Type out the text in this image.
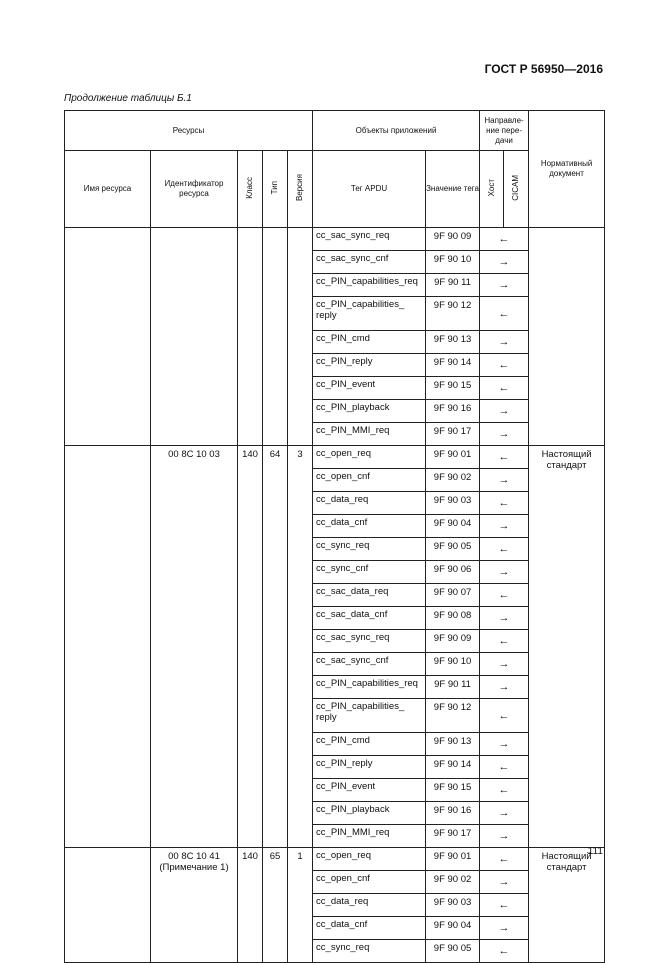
ГОСТ Р 56950—2016
Продолжение таблицы Б.1
Ресурсы					Объекты приложений		Направле-ние пере-дачи		Нормативный документ
Имя ресурса	Идентификатор ресурса	Класс	Тип	Версия	Тег APDU	Значение тега	Хост	CICAM	
					cc_sac_sync_req	9F 90 09	←		
					cc_sac_sync_cnf	9F 90 10	→		
					cc_PIN_capabilities_req	9F 90 11	→		
					cc_PIN_capabilities_ reply	9F 90 12	←		
					cc_PIN_cmd	9F 90 13	→		
					cc_PIN_reply	9F 90 14	←		
					cc_PIN_event	9F 90 15	←		
					cc_PIN_playback	9F 90 16	→		
					cc_PIN_MMI_req	9F 90 17	→		
	00 8C 10 03	140	64	3	cc_open_req	9F 90 01	←		Настоящий стандарт
					cc_open_cnf	9F 90 02	→		
					cc_data_req	9F 90 03	←		
					cc_data_cnf	9F 90 04	→		
					cc_sync_req	9F 90 05	←		
					cc_sync_cnf	9F 90 06	→		
					cc_sac_data_req	9F 90 07	←		
					cc_sac_data_cnf	9F 90 08	→		
					cc_sac_sync_req	9F 90 09	←		
					cc_sac_sync_cnf	9F 90 10	→		
					cc_PIN_capabilities_req	9F 90 11	→		
					cc_PIN_capabilities_ reply	9F 90 12	←		
					cc_PIN_cmd	9F 90 13	→		
					cc_PIN_reply	9F 90 14	←		
					cc_PIN_event	9F 90 15	←		
					cc_PIN_playback	9F 90 16	→		
					cc_PIN_MMI_req	9F 90 17	→		
	00 8C 10 41 (Примечание 1)	140	65	1	cc_open_req	9F 90 01	←		Настоящий стандарт
					cc_open_cnf	9F 90 02	→		
					cc_data_req	9F 90 03	←		
					cc_data_cnf	9F 90 04	→		
					cc_sync_req	9F 90 05	←		
111
